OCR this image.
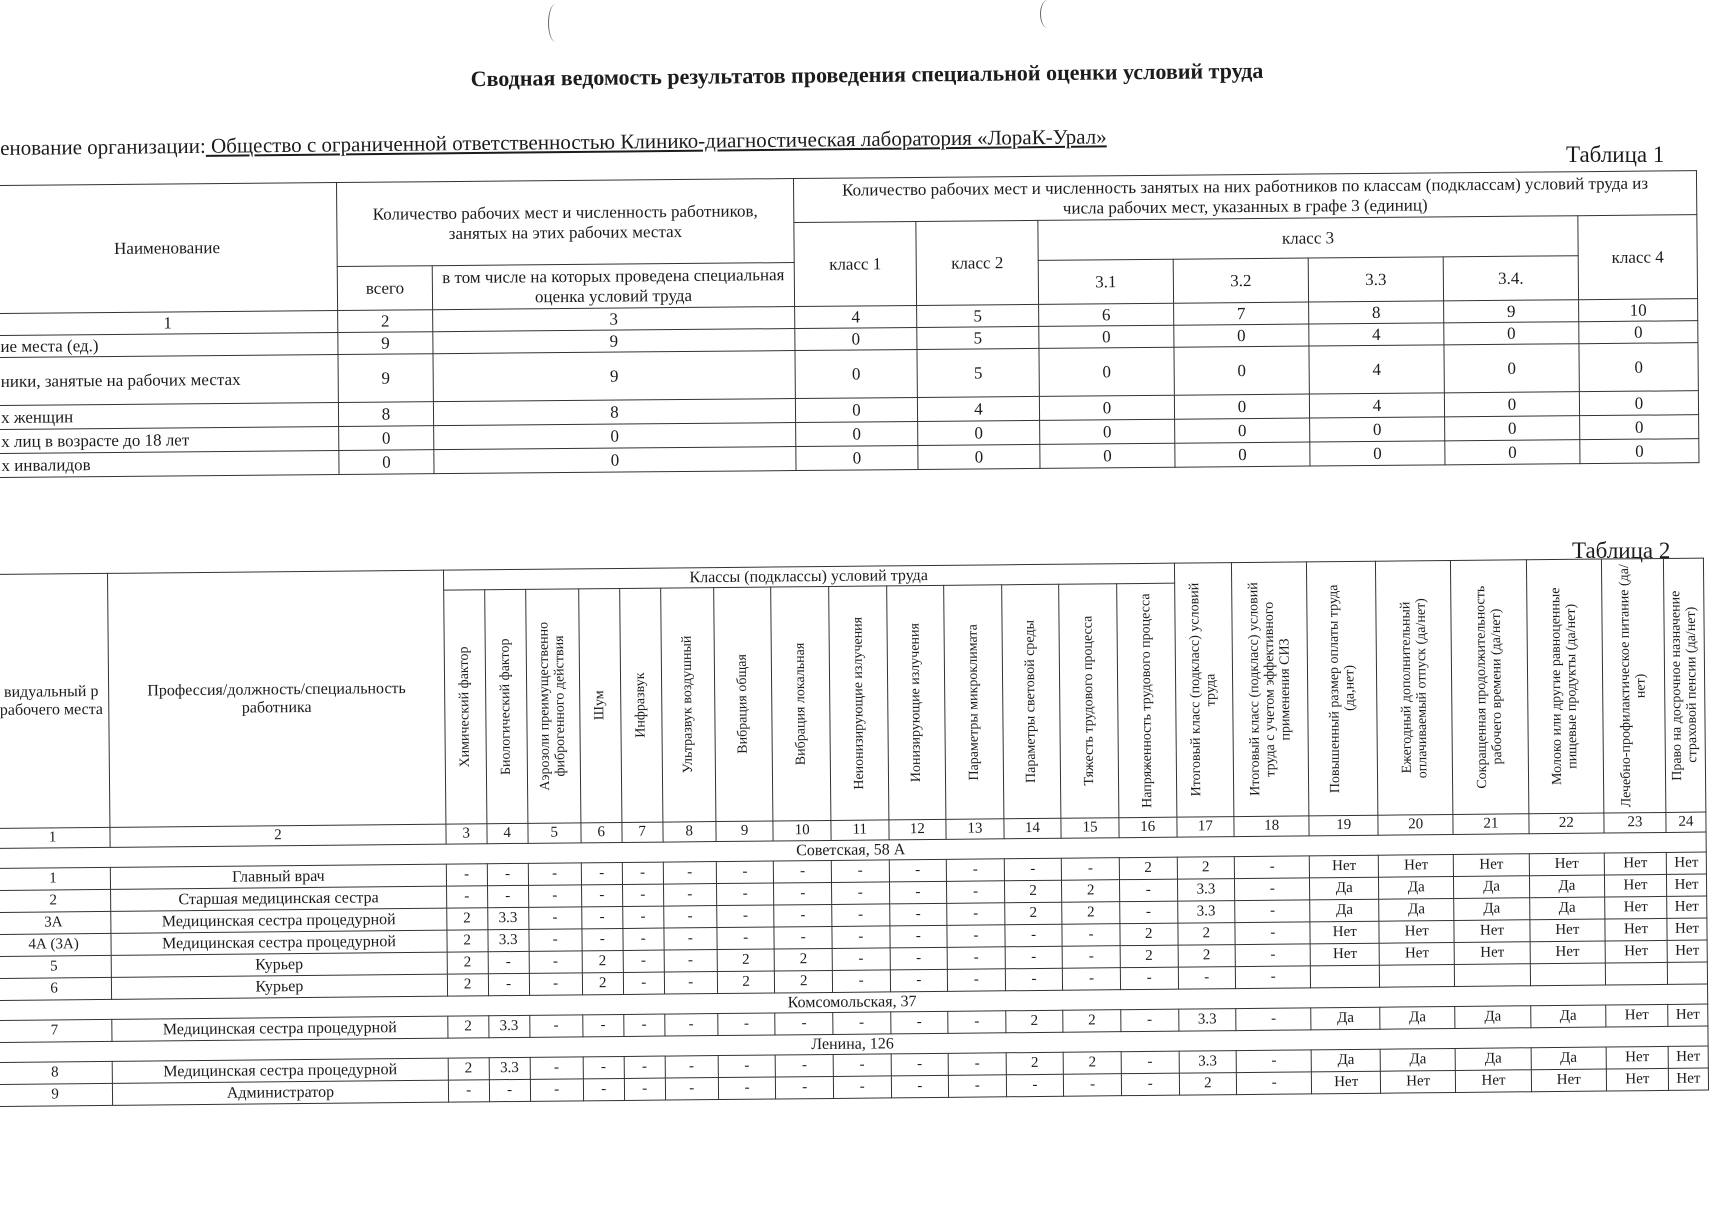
Сводная ведомость результатов проведения специальной оценки условий труда
енование организации: Общество с ограниченной ответственностью Клинико-диагностическая лаборатория «ЛораК-Урал»	Таблица 1
Наименование	Количество рабочих мест и численность работников, занятых на этих рабочих местах		Количество рабочих мест и численность занятых на них работников по классам (подклассам) условий труда из числа рабочих мест, указанных в графе 3 (единиц)						
			класс 1	класс 2	класс 3				класс 4
	всего	в том числе на которых проведена специальная оценка условий труда			3.1	3.2	3.3	3.4.	
1	2	3	4	5	6	7	8	9	10
ие места (ед.)	9	9	0	5	0	0	4	0	0
ники, занятые на рабочих местах	9	9	0	5	0	0	4	0	0
х женщин	8	8	0	4	0	0	4	0	0
х лиц в возрасте до 18 лет	0	0	0	0	0	0	0	0	0
х инвалидов	0	0	0	0	0	0	0	0	0
Таблица 2
видуальный р рабочего места	Профессия/должность/специальность работника	Классы (подклассы) условий труда														Итоговый класс (подкласс) условий труда	Итоговый класс (подкласс) условий труда с учетом эффективного применения СИЗ	Повышенный размер оплаты труда (да,нет)	Ежегодный дополнительный оплачиваемый отпуск (да/нет)	Сокращенная продолжительность рабочего времени (да/нет)	Молоко или другие равноценные пищевые продукты (да/нет)	Лечебно-профилактическое питание (да/нет)	Право на досрочное назначение страховой пенсии (да/нет)

		Химический фактор	Биологический фактор	Аэрозоли преимущественно фиброгенного действия	Шум	Инфразвук	Ультразвук воздушный	Вибрация общая	Вибрация локальная	Неионизирующие излучения	Ионизирующие излучения	Параметры микроклимата	Параметры световой среды	Тяжесть трудового процесса	Напряженность трудового процесса								

1	2	3	4	5	6	7	8	9	10	11	12	13	14	15	16	17	18	19	20	21	22	23	24
Советская, 58 А																							
1	Главный врач	-	-	-	-	-	-	-	-	-	-	-	-	-	2	2	-	Нет	Нет	Нет	Нет	Нет	Нет
2	Старшая медицинская сестра	-	-	-	-	-	-	-	-	-	-	-	2	2	-	3.3	-	Да	Да	Да	Да	Нет	Нет
3А	Медицинская сестра процедурной	2	3.3	-	-	-	-	-	-	-	-	-	2	2	-	3.3	-	Да	Да	Да	Да	Нет	Нет
4А (3А)	Медицинская сестра процедурной	2	3.3	-	-	-	-	-	-	-	-	-	-	-	2	2	-	Нет	Нет	Нет	Нет	Нет	Нет
5	Курьер	2	-	-	2	-	-	2	2	-	-	-	-	-	2	2	-	Нет	Нет	Нет	Нет	Нет	Нет
6	Курьер	2	-	-	2	-	-	2	2	-	-	-	-	-	-	-	-						
Комсомольская, 37																							
7	Медицинская сестра процедурной	2	3.3	-	-	-	-	-	-	-	-	-	2	2	-	3.3	-	Да	Да	Да	Да	Нет	Нет
Ленина, 126																							
8	Медицинская сестра процедурной	2	3.3	-	-	-	-	-	-	-	-	-	2	2	-	3.3	-	Да	Да	Да	Да	Нет	Нет
9	Администратор	-	-	-	-	-	-	-	-	-	-	-	-	-	-	2	-	Нет	Нет	Нет	Нет	Нет	Нет
